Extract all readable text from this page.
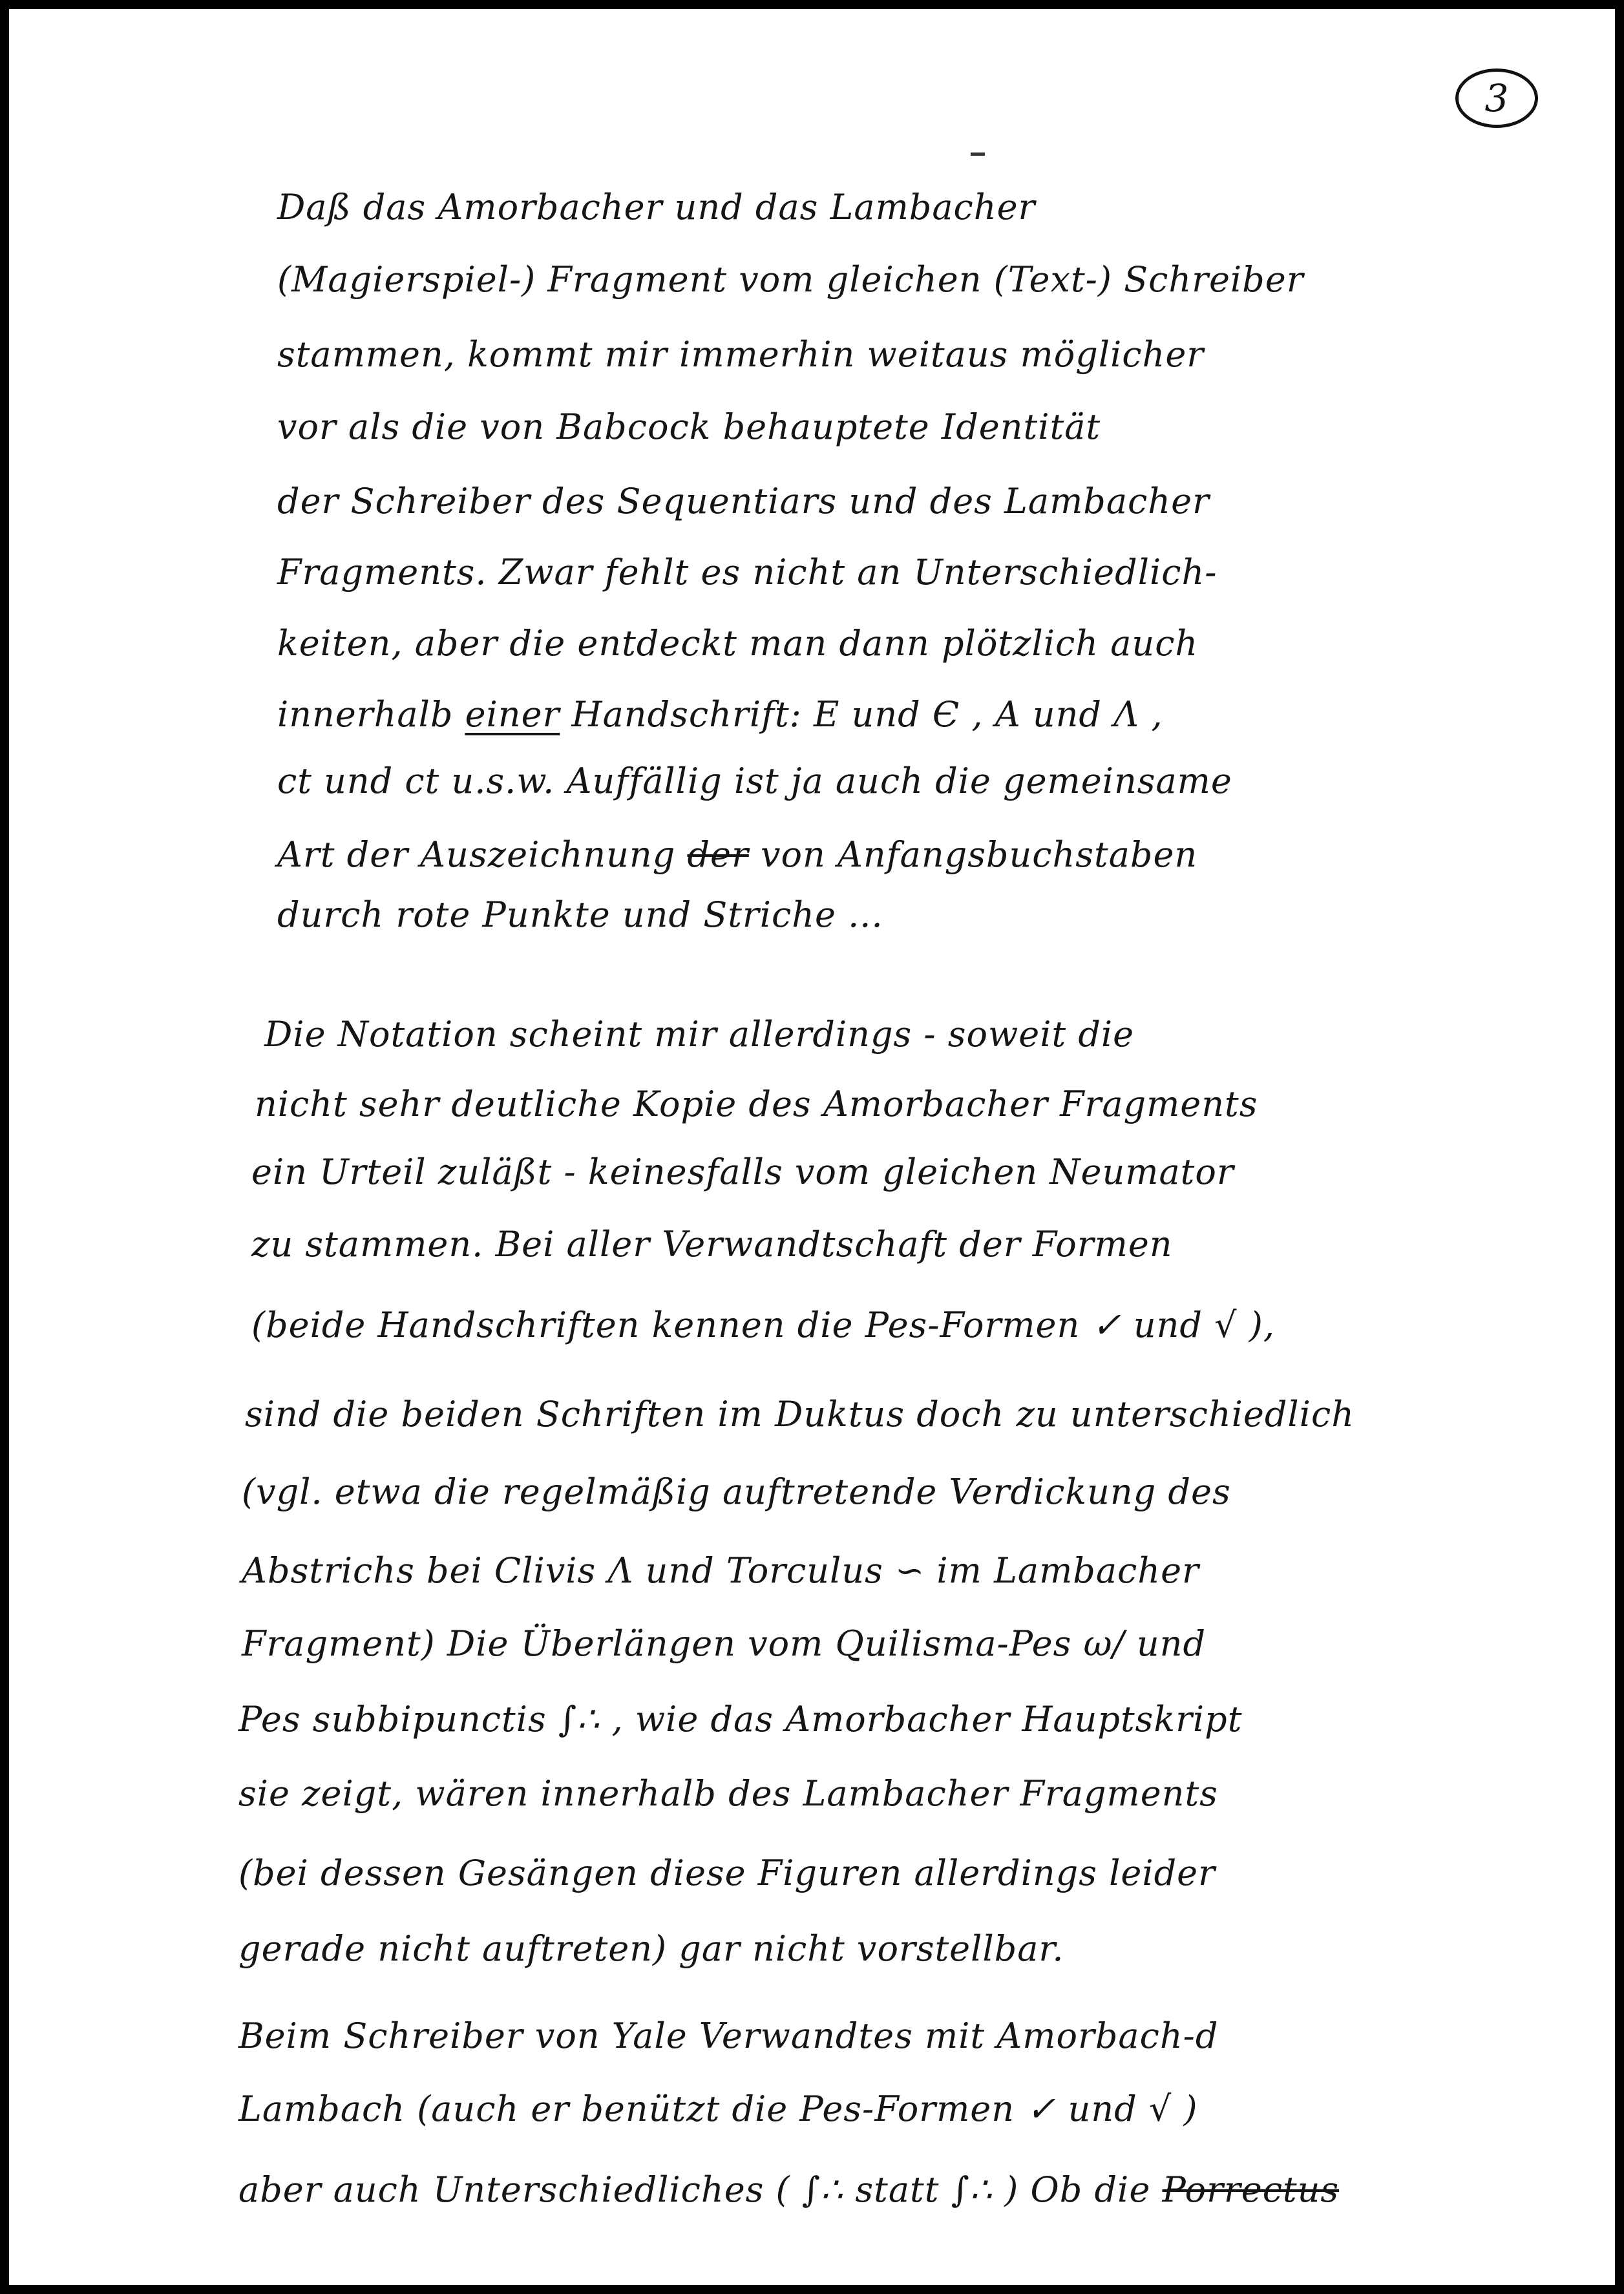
3
Daß das Amorbacher und das Lambacher
(Magierspiel-) Fragment vom gleichen (Text-) Schreiber
stammen, kommt mir immerhin weitaus möglicher
vor als die von Babcock behauptete Identität
der Schreiber des Sequentiars und des Lambacher
Fragments. Zwar fehlt es nicht an Unterschiedlich-
keiten, aber die entdeckt man dann plötzlich auch
innerhalb einer Handschrift: E und Є , A und Λ ,
ct und ct u.s.w. Auffällig ist ja auch die gemeinsame
Art der Auszeichnung der von Anfangsbuchstaben
durch rote Punkte und Striche ...
Die Notation scheint mir allerdings - soweit die
nicht sehr deutliche Kopie des Amorbacher Fragments
ein Urteil zuläßt - keinesfalls vom gleichen Neumator
zu stammen. Bei aller Verwandtschaft der Formen
(beide Handschriften kennen die Pes-Formen ✓ und √ ),
sind die beiden Schriften im Duktus doch zu unterschiedlich
(vgl. etwa die regelmäßig auftretende Verdickung des
Abstrichs bei Clivis Λ und Torculus ∽ im Lambacher
Fragment) Die Überlängen vom Quilisma-Pes ω/ und
Pes subbipunctis ∫∴ , wie das Amorbacher Hauptskript
sie zeigt, wären innerhalb des Lambacher Fragments
(bei dessen Gesängen diese Figuren allerdings leider
gerade nicht auftreten) gar nicht vorstellbar.
Beim Schreiber von Yale Verwandtes mit Amorbach-d
Lambach (auch er benützt die Pes-Formen ✓ und √ )
aber auch Unterschiedliches ( ∫∴ statt ∫∴ ) Ob die Porrectus
